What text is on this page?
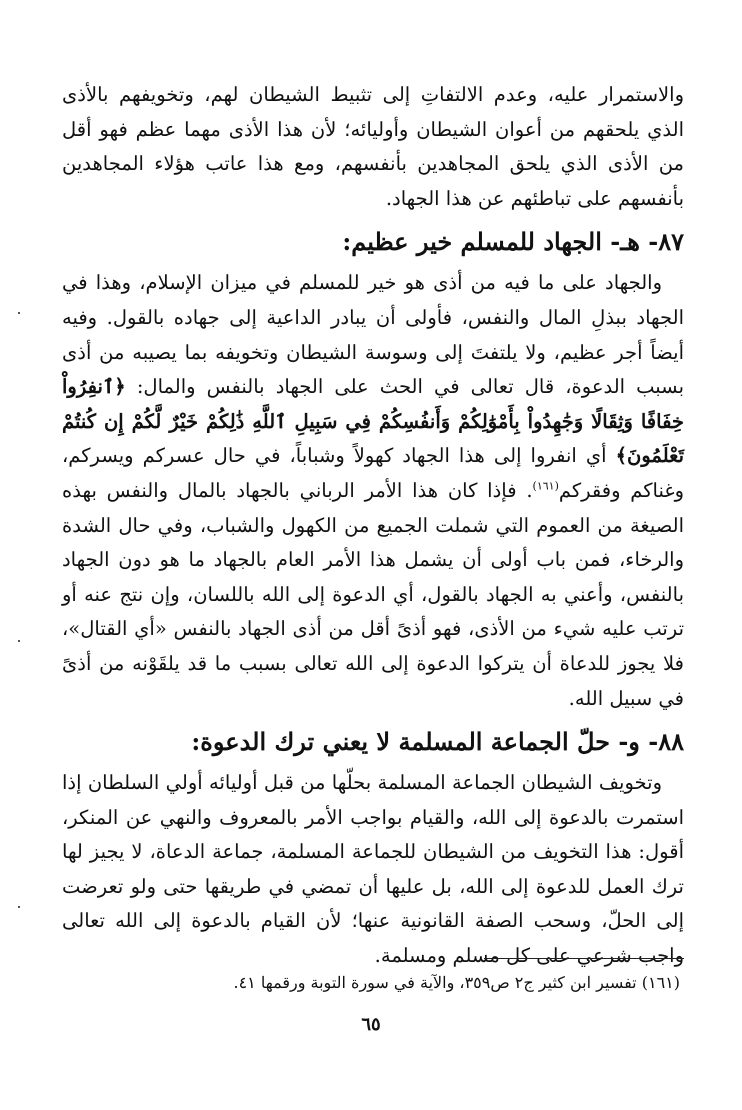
والاستمرار عليه، وعدم الالتفاتِ إلى تثبيط الشيطان لهم، وتخويفهم بالأذى الذي يلحقهم من أعوان الشيطان وأوليائه؛ لأن هذا الأذى مهما عظم فهو أقل من الأذى الذي يلحق المجاهدين بأنفسهم، ومع هذا عاتب هؤلاء المجاهدين بأنفسهم على تباطئهم عن هذا الجهاد.

٨٧- هـ- الجهاد للمسلم خير عظيم:

والجهاد على ما فيه من أذى هو خير للمسلم في ميزان الإسلام، وهذا في الجهاد ببذلِ المال والنفس، فأولى أن يبادر الداعية إلى جهاده بالقول. وفيه أيضاً أجر عظيم، ولا يلتفتَ إلى وسوسة الشيطان وتخويفه بما يصيبه من أذى بسبب الدعوة، قال تعالى في الحث على الجهاد بالنفس والمال: ﴿ٱنفِرُواْ خِفَافًا وَثِقَالًا وَجَٰهِدُواْ بِأَمْوَٰلِكُمْ وَأَنفُسِكُمْ فِي سَبِيلِ ٱللَّهِ ذَٰلِكُمْ خَيْرٌ لَّكُمْ إِن كُنتُمْ تَعْلَمُونَ﴾ أي انفروا إلى هذا الجهاد كهولاً وشباباً، في حال عسركم ويسركم، وغناكم وفقركم$^{(١٦١)}$. فإذا كان هذا الأمر الرباني بالجهاد بالمال والنفس بهذه الصيغة من العموم التي شملت الجميع من الكهول والشباب، وفي حال الشدة والرخاء، فمن باب أولى أن يشمل هذا الأمر العام بالجهاد ما هو دون الجهاد بالنفس، وأعني به الجهاد بالقول، أي الدعوة إلى الله باللسان، وإن نتج عنه أو ترتب عليه شيء من الأذى، فهو أذىً أقل من أذى الجهاد بالنفس «أي القتال»، فلا يجوز للدعاة أن يتركوا الدعوة إلى الله تعالى بسبب ما قد يلقَوْنه من أذىً في سبيل الله.

٨٨- و- حلّ الجماعة المسلمة لا يعني ترك الدعوة:

وتخويف الشيطان الجماعة المسلمة بحلّها من قبل أوليائه أولي السلطان إذا استمرت بالدعوة إلى الله، والقيام بواجب الأمر بالمعروف والنهي عن المنكر، أقول: هذا التخويف من الشيطان للجماعة المسلمة، جماعة الدعاة، لا يجيز لها ترك العمل للدعوة إلى الله، بل عليها أن تمضي في طريقها حتى ولو تعرضت إلى الحلّ، وسحب الصفة القانونية عنها؛ لأن القيام بالدعوة إلى الله تعالى واجب شرعي على كل مسلم ومسلمة.

(١٦١) تفسير ابن كثير ج٢ ص٣٥٩، والآية في سورة التوبة ورقمها ٤١.

٦٥
